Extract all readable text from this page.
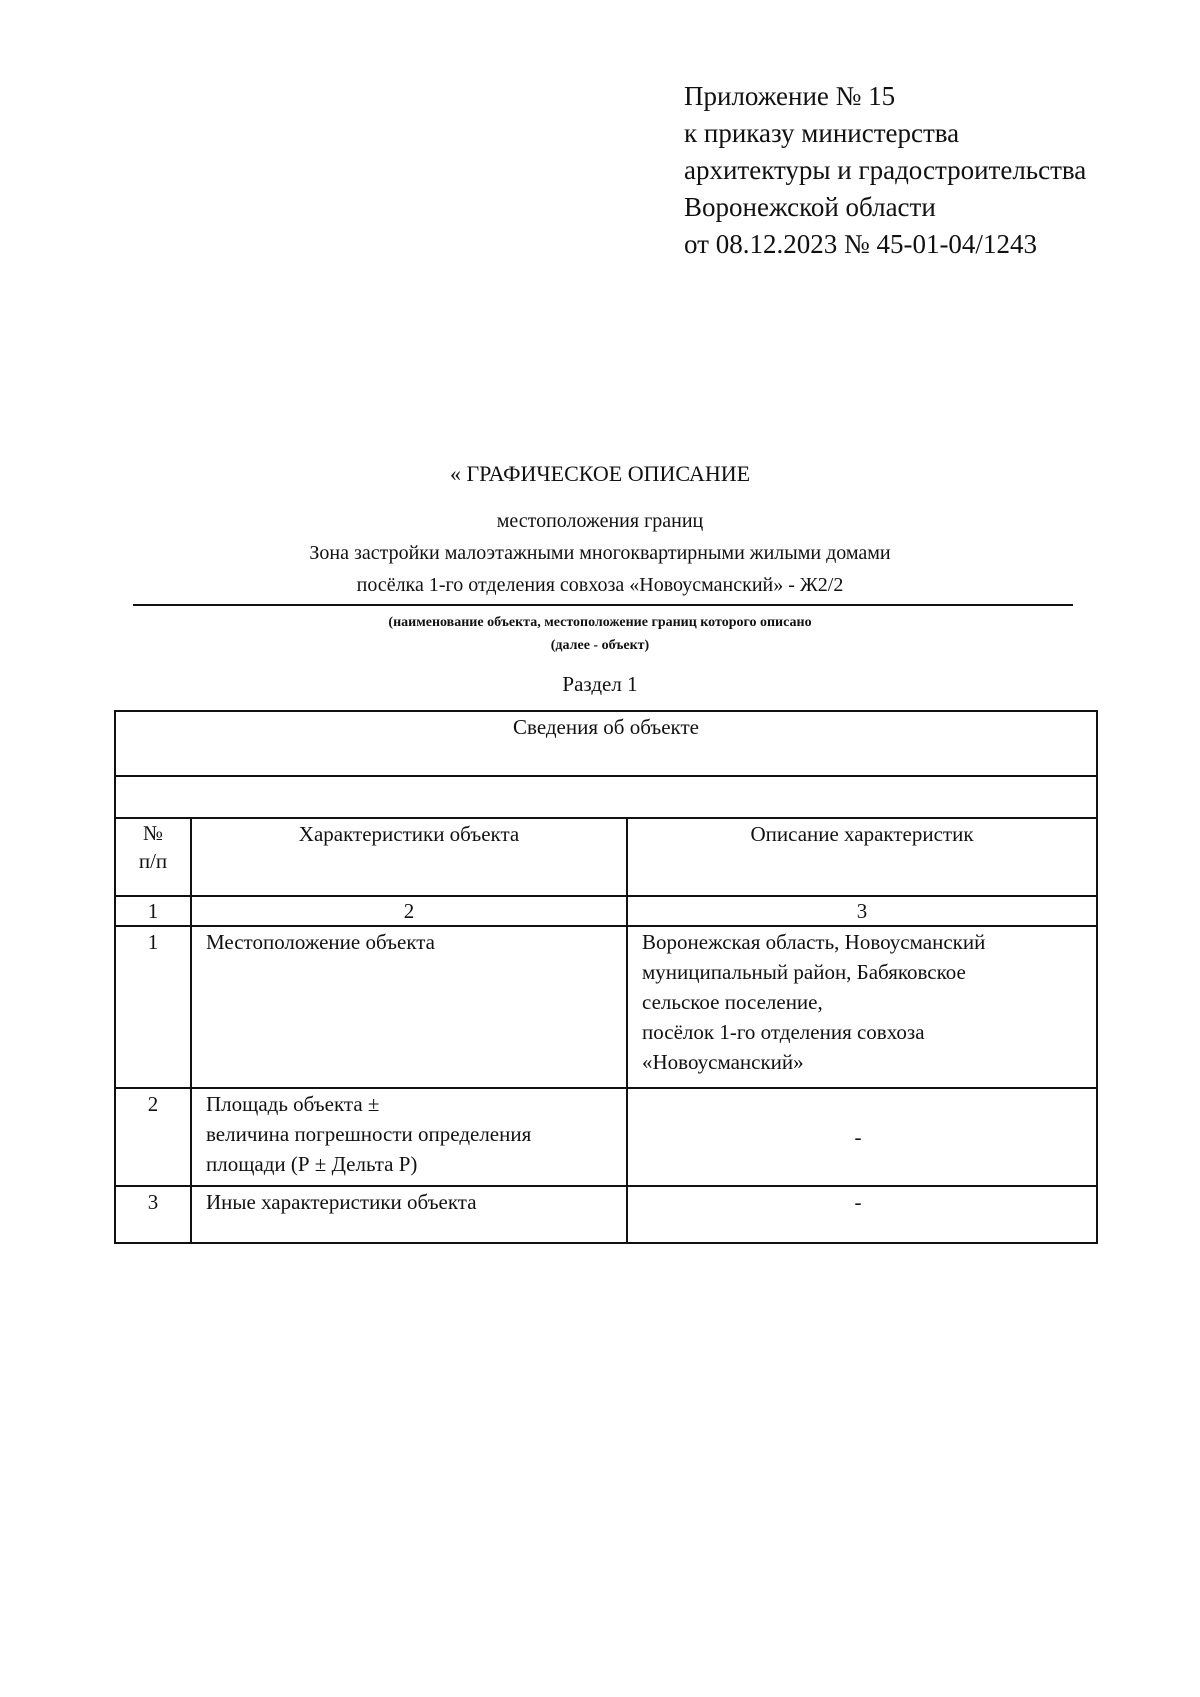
Приложение № 15
к приказу министерства
архитектуры и градостроительства
Воронежской области
от 08.12.2023 № 45-01-04/1243
« ГРАФИЧЕСКОЕ ОПИСАНИЕ
местоположения границ
Зона застройки малоэтажными многоквартирными жилыми домами
посёлка 1-го отделения совхоза «Новоусманский» - Ж2/2
(наименование объекта, местоположение границ которого описано
(далее - объект)
Раздел 1
Сведения об объекте		

№
п/п	Характеристики объекта	Описание характеристик
1	2	3
1	Местоположение объекта	Воронежская область, Новоусманский
муниципальный район, Бабяковское
сельское поселение,
посёлок 1-го отделения совхоза
«Новоусманский»

2	Площадь объекта ±
величина погрешности определения
площади (Р ± Дельта Р)	-
3	Иные характеристики объекта	-
